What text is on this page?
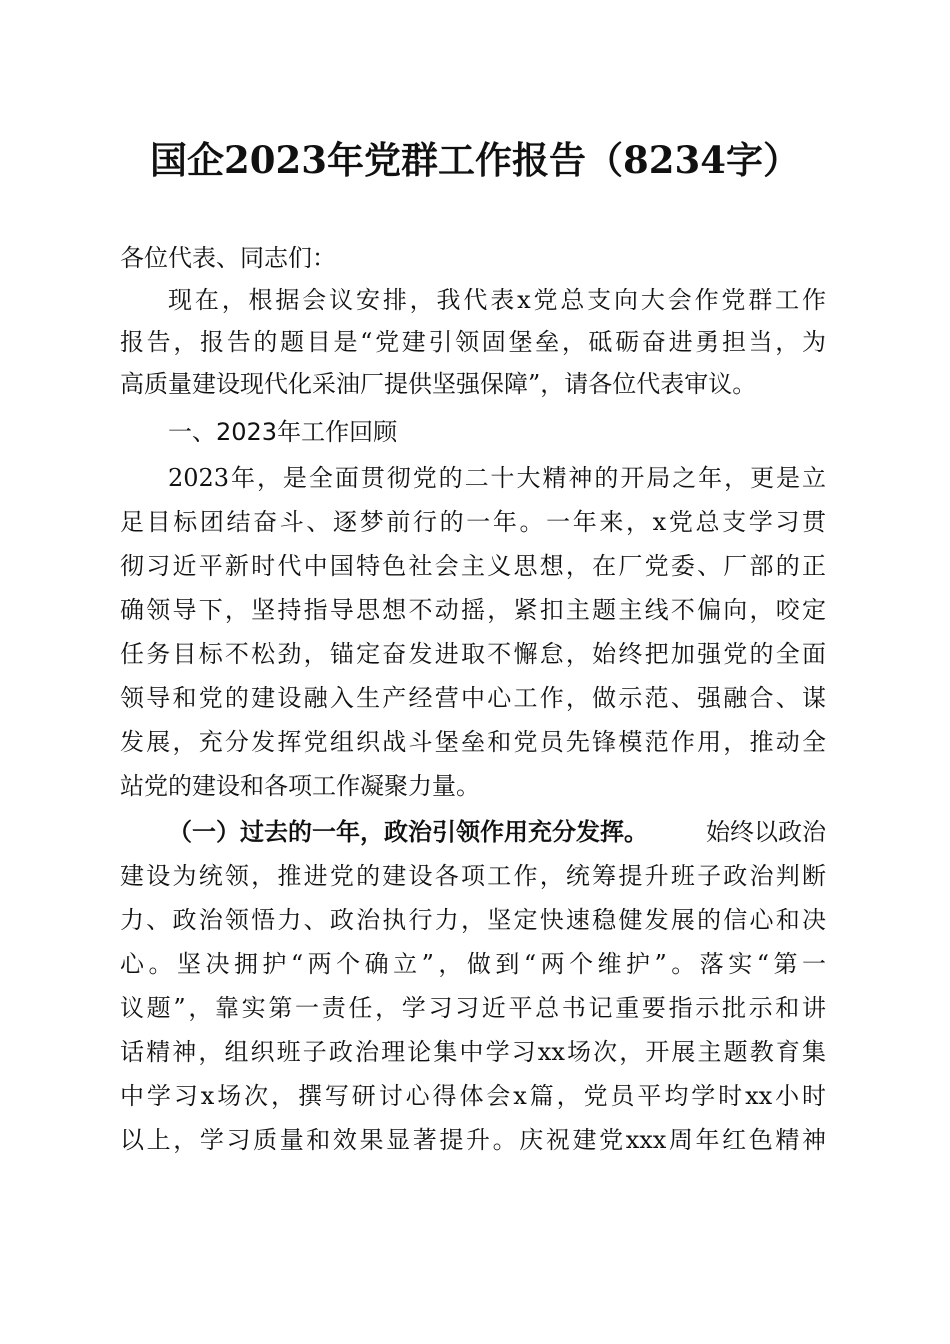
国企2023年党群工作报告（8234字）
各位代表、同志们：
现在，根据会议安排，我代表x党总支向大会作党群工作
报告，报告的题目是“党建引领固堡垒，砥砺奋进勇担当，为
高质量建设现代化采油厂提供坚强保障”，请各位代表审议。
一、2023年工作回顾
2023年，是全面贯彻党的二十大精神的开局之年，更是立
足目标团结奋斗、逐梦前行的一年。一年来，x党总支学习贯
彻习近平新时代中国特色社会主义思想，在厂党委、厂部的正
确领导下，坚持指导思想不动摇，紧扣主题主线不偏向，咬定
任务目标不松劲，锚定奋发进取不懈怠，始终把加强党的全面
领导和党的建设融入生产经营中心工作，做示范、强融合、谋
发展，充分发挥党组织战斗堡垒和党员先锋模范作用，推动全
站党的建设和各项工作凝聚力量。
（一）过去的一年，政治引领作用充分发挥。 始终以政治
建设为统领，推进党的建设各项工作，统筹提升班子政治判断
力、政治领悟力、政治执行力，坚定快速稳健发展的信心和决
心。坚决拥护“两个确立”，做到“两个维护”。落实“第一
议题”，靠实第一责任，学习习近平总书记重要指示批示和讲
话精神，组织班子政治理论集中学习xx场次，开展主题教育集
中学习x场次，撰写研讨心得体会x篇，党员平均学时xx小时
以上，学习质量和效果显著提升。庆祝建党xxx周年红色精神
